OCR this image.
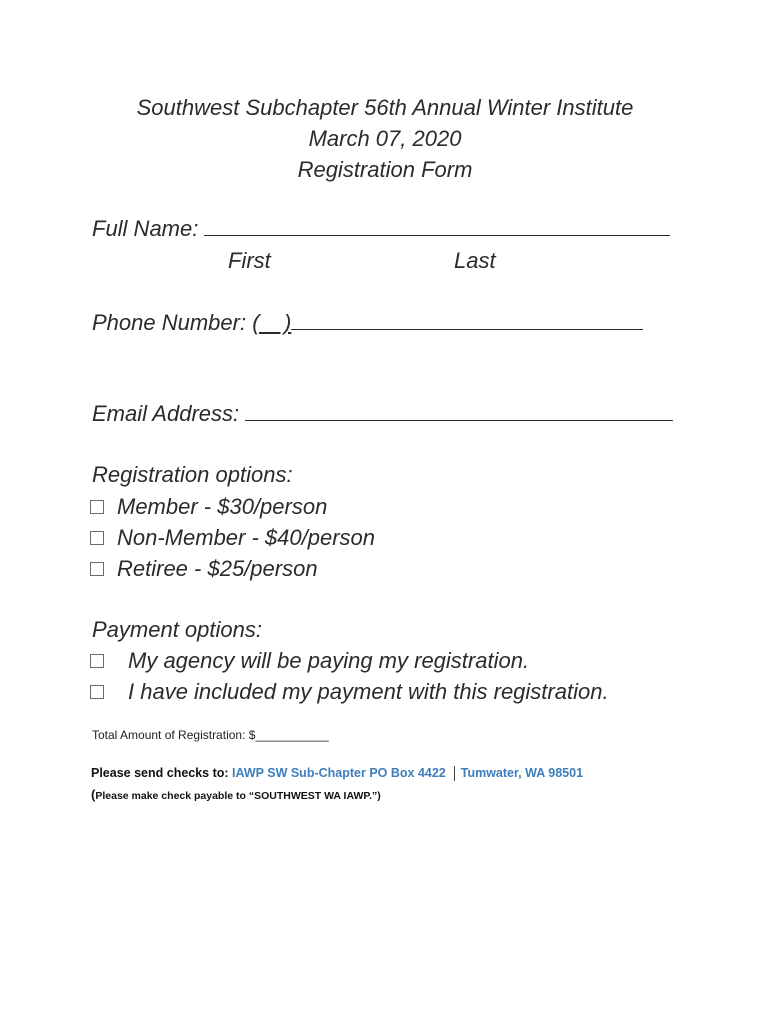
Southwest Subchapter 56th Annual Winter Institute
March 07, 2020
Registration Form
Full Name:
First	Last
Phone Number: (    )
Email Address:
Registration options:
Member - $30/person
Non-Member - $40/person
Retiree - $25/person
Payment options:
My agency will be paying my registration.
I have included my payment with this registration.
Total Amount of Registration: $___________
Please send checks to: IAWP SW Sub-Chapter PO Box 4422 Tumwater, WA 98501
(Please make check payable to “SOUTHWEST WA IAWP.”)
